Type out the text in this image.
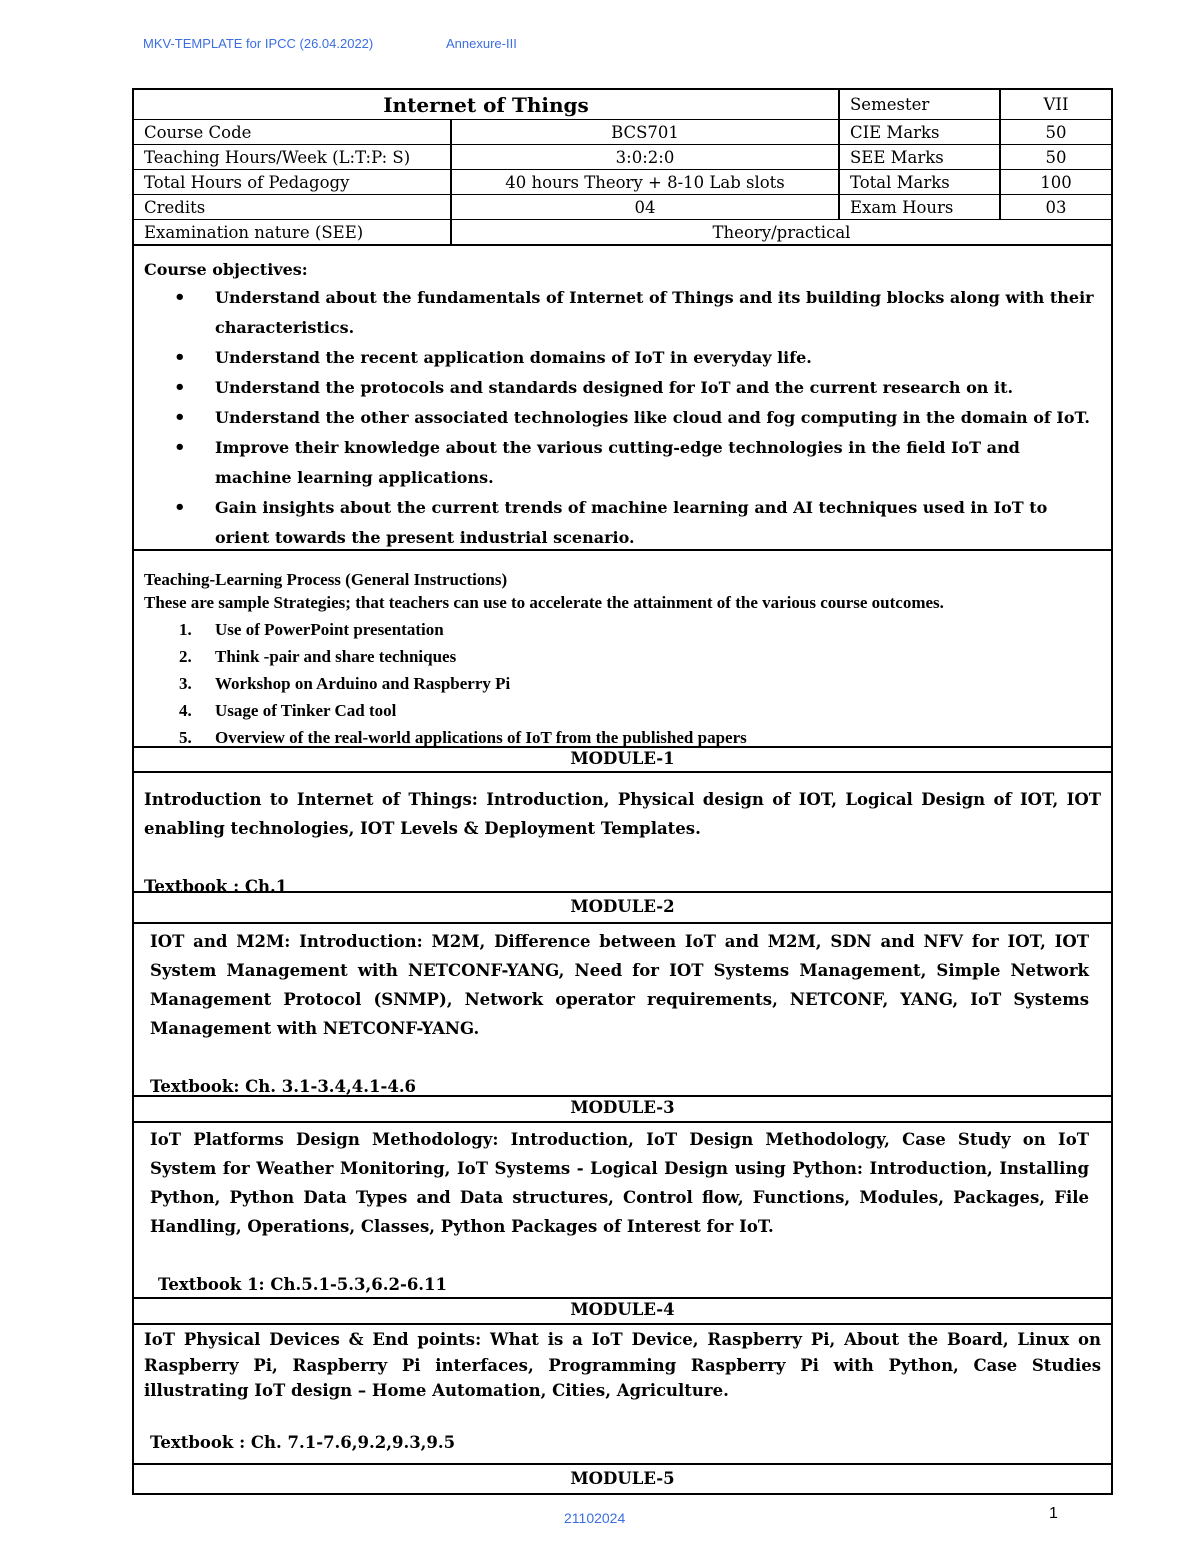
MKV-TEMPLATE for IPCC (26.04.2022)	Annexure-III
Internet of Things	Semester	VII
Course Code	BCS701	CIE Marks	50
Teaching Hours/Week (L:T:P: S)	3:0:2:0	SEE Marks	50
Total Hours of Pedagogy	40 hours Theory + 8-10 Lab slots	Total Marks	100
Credits	04	Exam Hours	03
Examination nature (SEE)	Theory/practical
Course objectives:
• Understand about the fundamentals of Internet of Things and its building blocks along with their characteristics.
• Understand the recent application domains of IoT in everyday life.
• Understand the protocols and standards designed for IoT and the current research on it.
• Understand the other associated technologies like cloud and fog computing in the domain of IoT.
• Improve their knowledge about the various cutting-edge technologies in the field IoT and machine learning applications.
• Gain insights about the current trends of machine learning and AI techniques used in IoT to orient towards the present industrial scenario.
Teaching-Learning Process (General Instructions)
These are sample Strategies; that teachers can use to accelerate the attainment of the various course outcomes.
1. Use of PowerPoint presentation
2. Think -pair and share techniques
3. Workshop on Arduino and Raspberry Pi
4. Usage of Tinker Cad tool
5. Overview of the real-world applications of IoT from the published papers
MODULE-1

Introduction to Internet of Things: Introduction, Physical design of IOT, Logical Design of IOT, IOT enabling technologies, IOT Levels & Deployment Templates.

Textbook : Ch.1

MODULE-2

IOT and M2M: Introduction: M2M, Difference between IoT and M2M, SDN and NFV for IOT, IOT System Management with NETCONF-YANG, Need for IOT Systems Management, Simple Network Management Protocol (SNMP), Network operator requirements, NETCONF, YANG, IoT Systems Management with NETCONF-YANG.

Textbook: Ch. 3.1-3.4,4.1-4.6

MODULE-3

IoT Platforms Design Methodology: Introduction, IoT Design Methodology, Case Study on IoT System for Weather Monitoring, IoT Systems - Logical Design using Python: Introduction, Installing Python, Python Data Types and Data structures, Control flow, Functions, Modules, Packages, File Handling, Operations, Classes, Python Packages of Interest for IoT.

Textbook 1: Ch.5.1-5.3,6.2-6.11

MODULE-4

IoT Physical Devices & End points: What is a IoT Device, Raspberry Pi, About the Board, Linux on Raspberry Pi, Raspberry Pi interfaces, Programming Raspberry Pi with Python, Case Studies illustrating IoT design – Home Automation, Cities, Agriculture.

Textbook : Ch. 7.1-7.6,9.2,9.3,9.5

MODULE-5
21102024	1
